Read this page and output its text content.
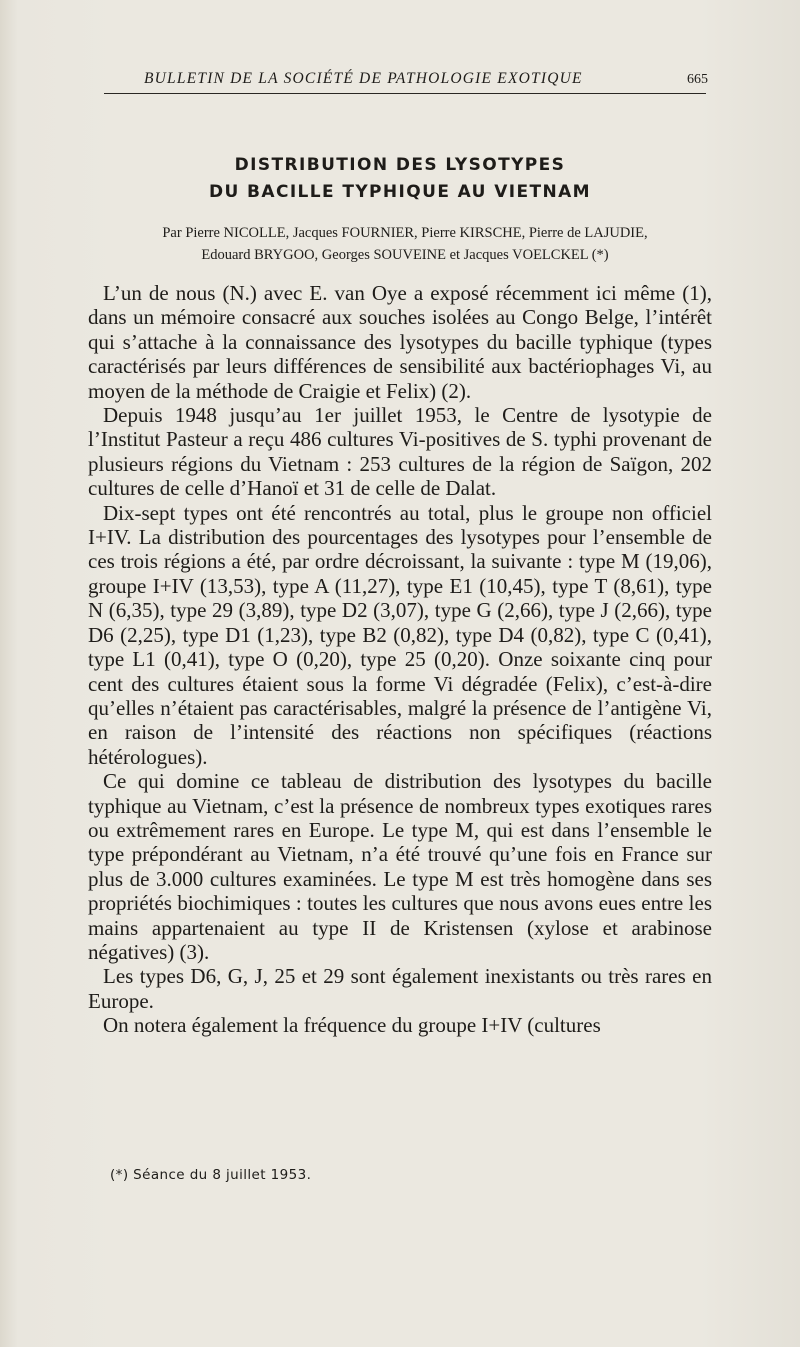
BULLETIN DE LA SOCIÉTÉ DE PATHOLOGIE EXOTIQUE	665
DISTRIBUTION DES LYSOTYPES
DU BACILLE TYPHIQUE AU VIETNAM
Par Pierre NICOLLE, Jacques FOURNIER, Pierre KIRSCHE, Pierre de LAJUDIE,
Edouard BRYGOO, Georges SOUVEINE et Jacques VOELCKEL (*)

L’un de nous (N.) avec E. van Oye a exposé récemment ici même (1), dans un mémoire consacré aux souches isolées au Congo Belge, l’intérêt qui s’attache à la connaissance des lysotypes du bacille typhique (types caractérisés par leurs différences de sensibilité aux bactériophages Vi, au moyen de la méthode de Craigie et Felix) (2).

Depuis 1948 jusqu’au 1er juillet 1953, le Centre de lysotypie de l’Institut Pasteur a reçu 486 cultures Vi-positives de S. typhi provenant de plusieurs régions du Vietnam : 253 cultures de la région de Saïgon, 202 cultures de celle d’Hanoï et 31 de celle de Dalat.

Dix-sept types ont été rencontrés au total, plus le groupe non officiel I+IV. La distribution des pourcentages des lysotypes pour l’ensemble de ces trois régions a été, par ordre décroissant, la suivante : type M (19,06), groupe I+IV (13,53), type A (11,27), type E1 (10,45), type T (8,61), type N (6,35), type 29 (3,89), type D2 (3,07), type G (2,66), type J (2,66), type D6 (2,25), type D1 (1,23), type B2 (0,82), type D4 (0,82), type C (0,41), type L1 (0,41), type O (0,20), type 25 (0,20). Onze soixante cinq pour cent des cultures étaient sous la forme Vi dégradée (Felix), c’est-à-dire qu’elles n’étaient pas caractérisables, malgré la présence de l’antigène Vi, en raison de l’intensité des réactions non spécifiques (réactions hétérologues).

Ce qui domine ce tableau de distribution des lysotypes du bacille typhique au Vietnam, c’est la présence de nombreux types exotiques rares ou extrêmement rares en Europe. Le type M, qui est dans l’ensemble le type prépondérant au Vietnam, n’a été trouvé qu’une fois en France sur plus de 3.000 cultures examinées. Le type M est très homogène dans ses propriétés biochimiques : toutes les cultures que nous avons eues entre les mains appartenaient au type II de Kristensen (xylose et arabinose négatives) (3).

Les types D6, G, J, 25 et 29 sont également inexistants ou très rares en Europe.

On notera également la fréquence du groupe I+IV (cultures

(*) Séance du 8 juillet 1953.
